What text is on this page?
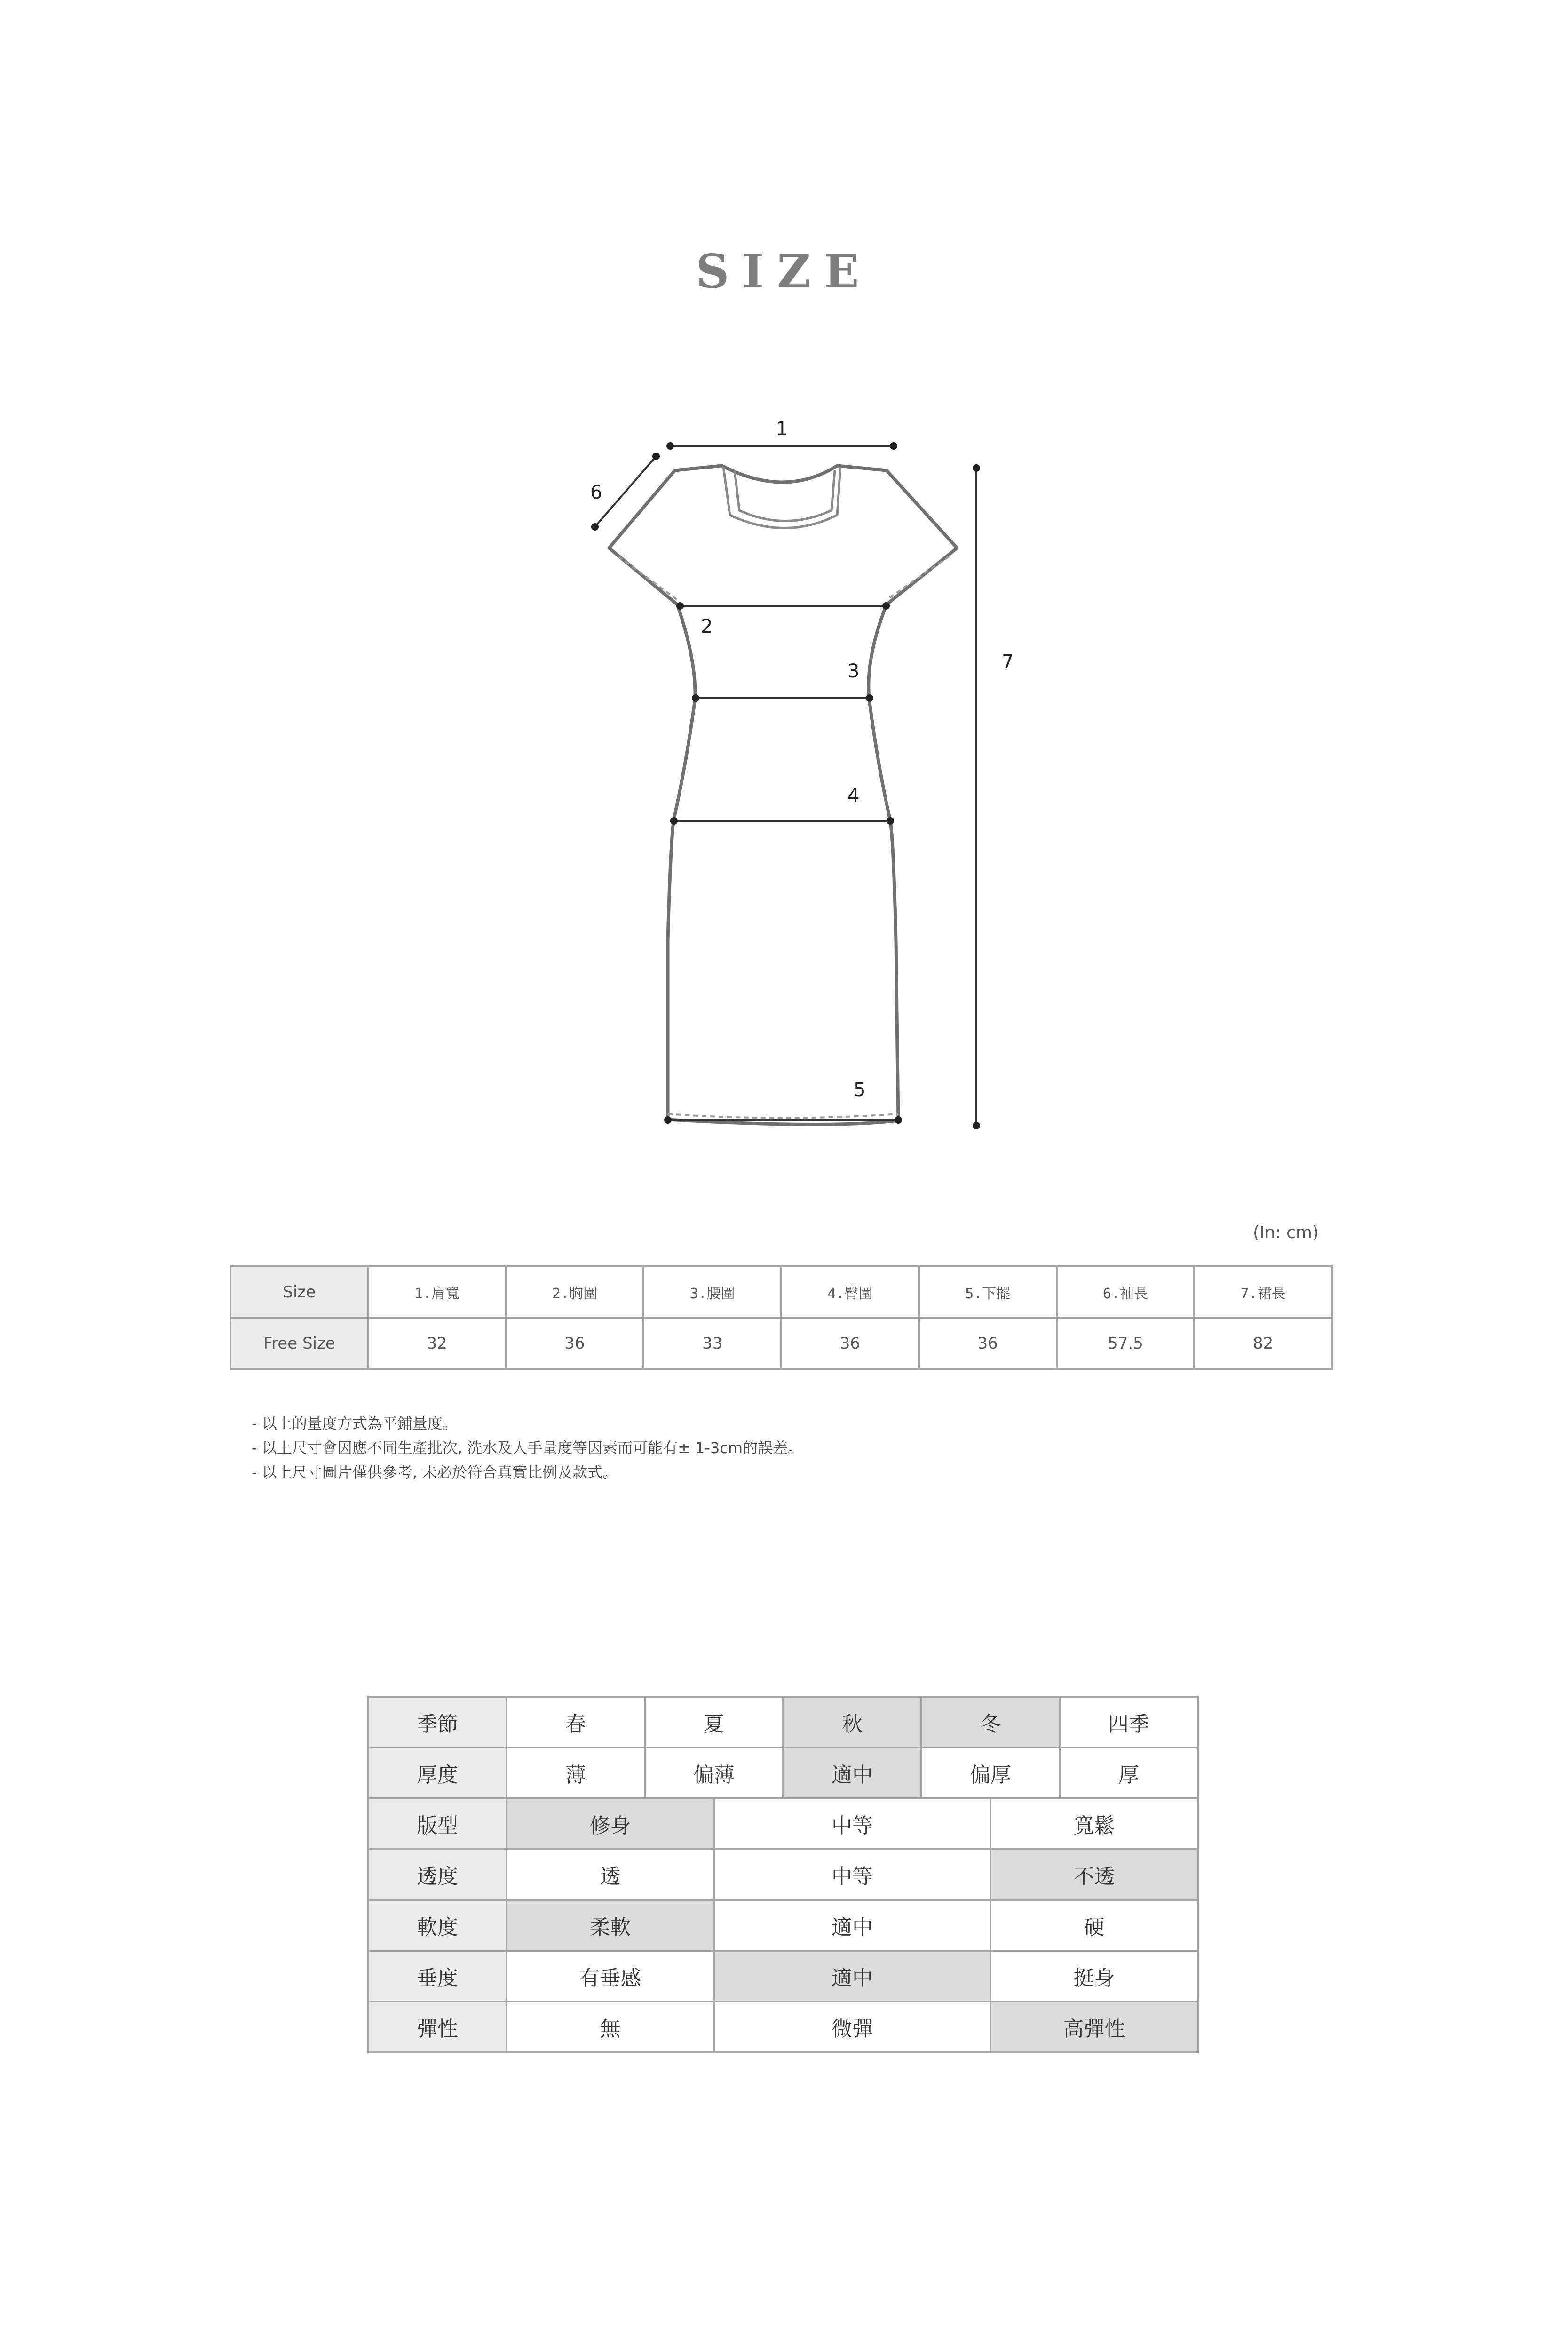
SIZE
1
2
3
4
5
6
7
(In: cm)
Size	1.肩寬	2.胸圍	3.腰圍	4.臀圍	5.下擺	6.袖長	7.裙長
Free Size	32	36	33	36	36	57.5	82
- 以上的量度方式為平鋪量度。
- 以上尺寸會因應不同生產批次, 洗水及人手量度等因素而可能有± 1-3cm的誤差。
- 以上尺寸圖片僅供參考, 未必於符合真實比例及款式。
季節	春	夏		秋	冬		四季
厚度	薄	偏薄		適中	偏厚		厚
版型	修身		中等			寬鬆	
透度	透		中等			不透	
軟度	柔軟		適中			硬	
垂度	有垂感		適中			挺身	
彈性	無		微彈			高彈性	
